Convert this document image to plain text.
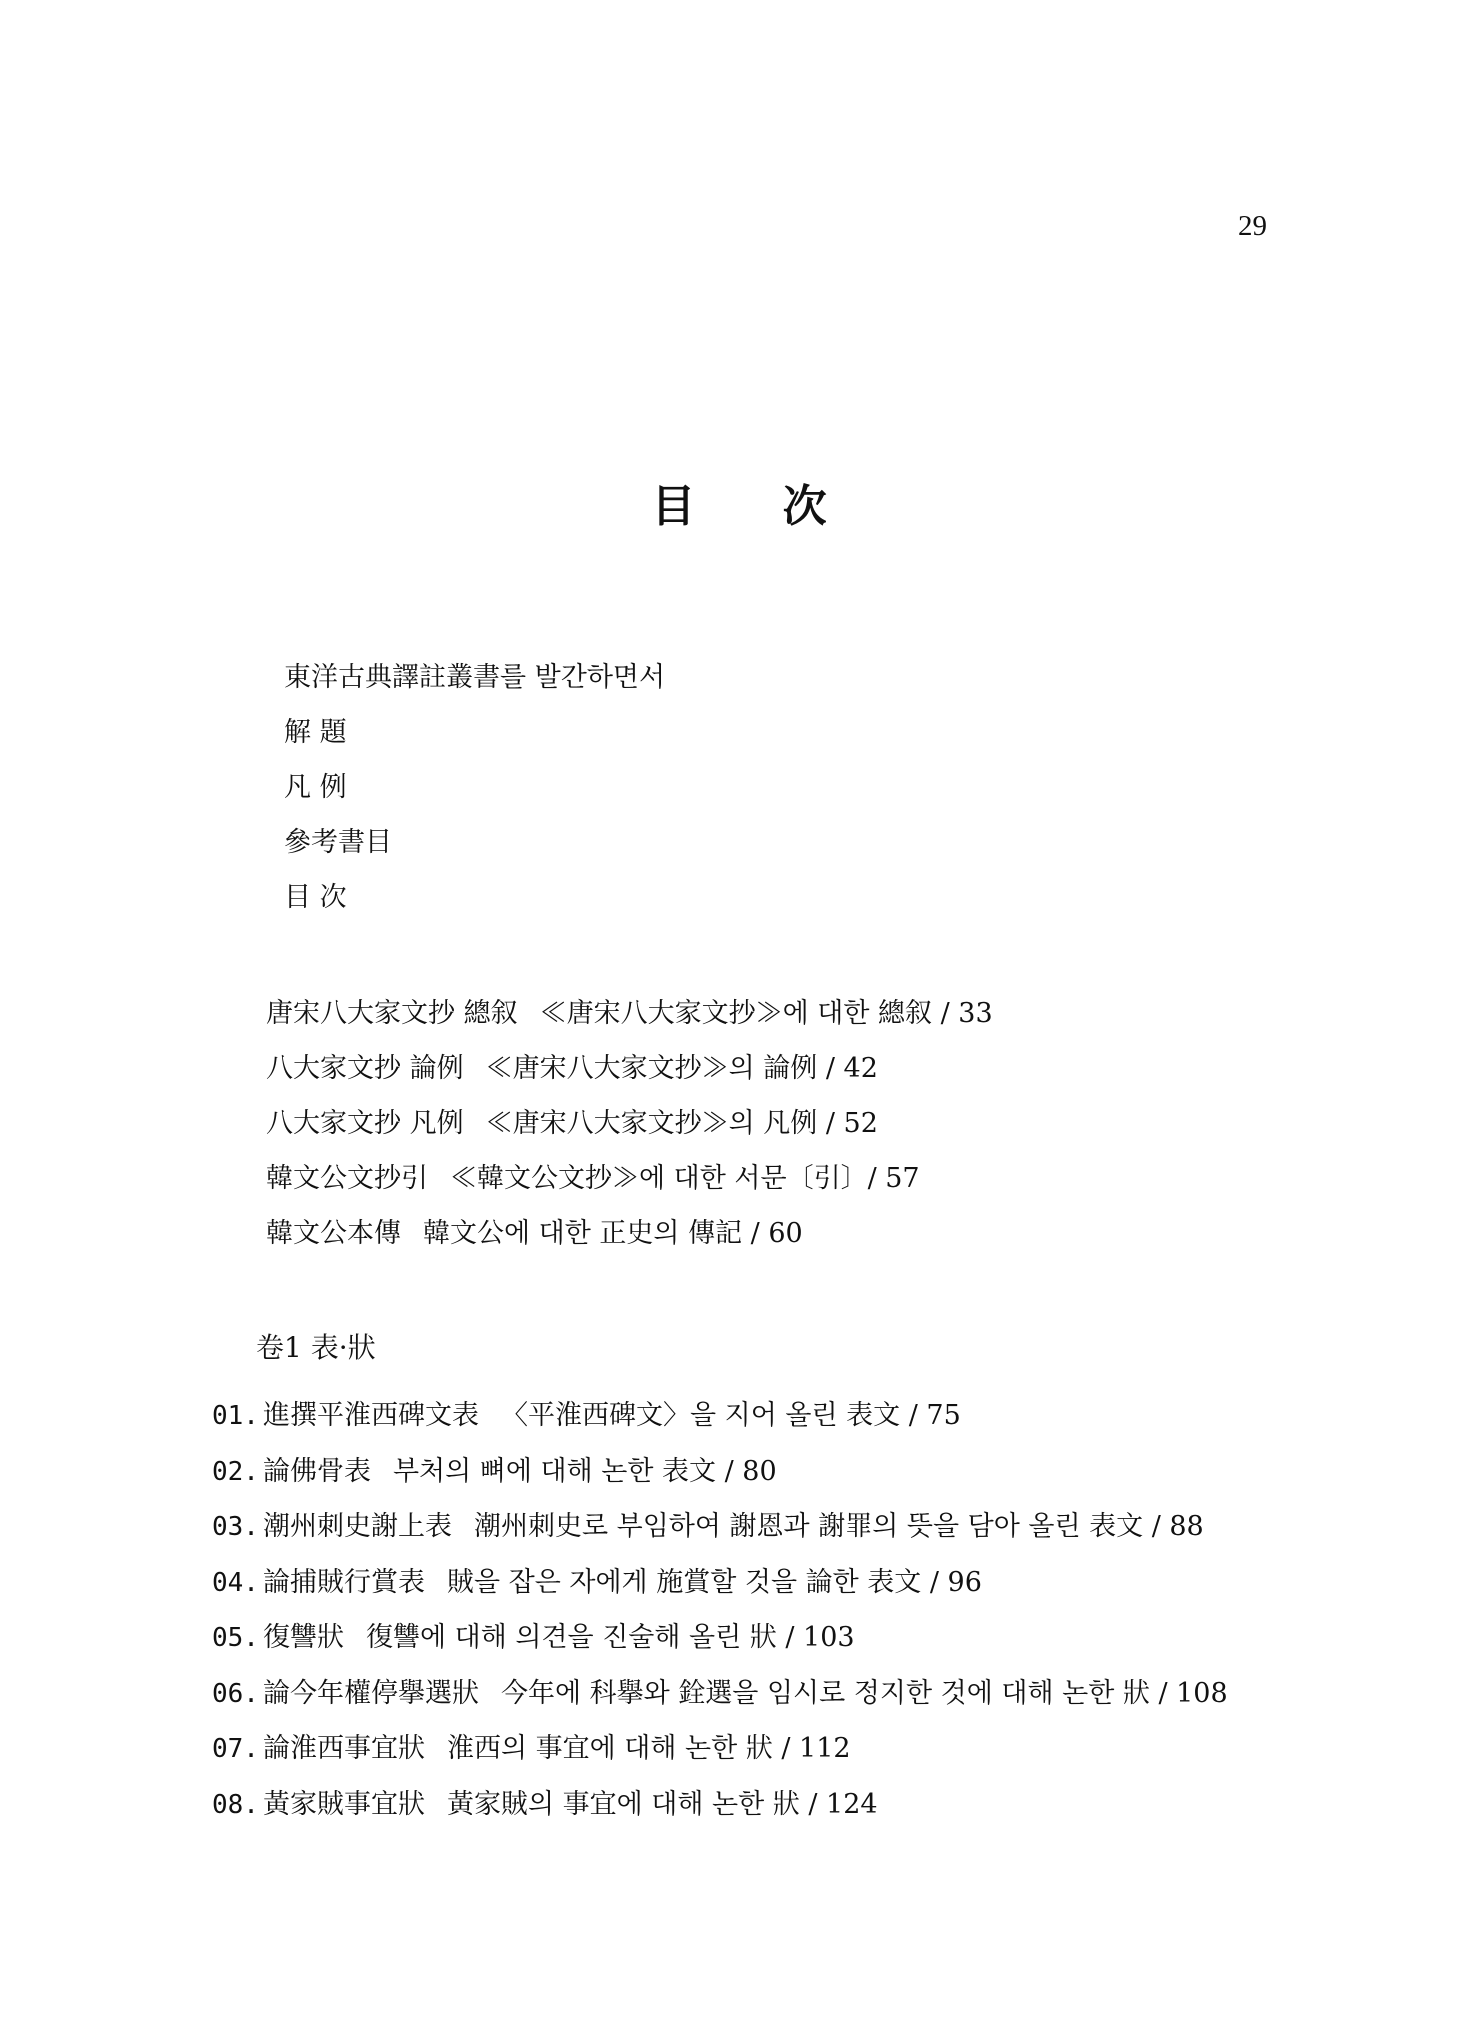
29
目 次
東洋古典譯註叢書를 발간하면서
解 題
凡 例
參考書目
目 次
唐宋八大家文抄 總叙 ≪唐宋八大家文抄≫에 대한 總叙 / 33
八大家文抄 論例 ≪唐宋八大家文抄≫의 論例 / 42
八大家文抄 凡例 ≪唐宋八大家文抄≫의 凡例 / 52
韓文公文抄引 ≪韓文公文抄≫에 대한 서문〔引〕/ 57
韓文公本傳 韓文公에 대한 正史의 傳記 / 60
卷1 表·狀
01. 進撰平淮西碑文表 〈平淮西碑文〉을 지어 올린 表文 / 75
02. 論佛骨表 부처의 뼈에 대해 논한 表文 / 80
03. 潮州刺史謝上表 潮州刺史로 부임하여 謝恩과 謝罪의 뜻을 담아 올린 表文 / 88
04. 論捕賊行賞表 賊을 잡은 자에게 施賞할 것을 論한 表文 / 96
05. 復讐狀 復讐에 대해 의견을 진술해 올린 狀 / 103
06. 論今年權停擧選狀 今年에 科擧와 銓選을 임시로 정지한 것에 대해 논한 狀 / 108
07. 論淮西事宜狀 淮西의 事宜에 대해 논한 狀 / 112
08. 黃家賊事宜狀 黃家賊의 事宜에 대해 논한 狀 / 124
